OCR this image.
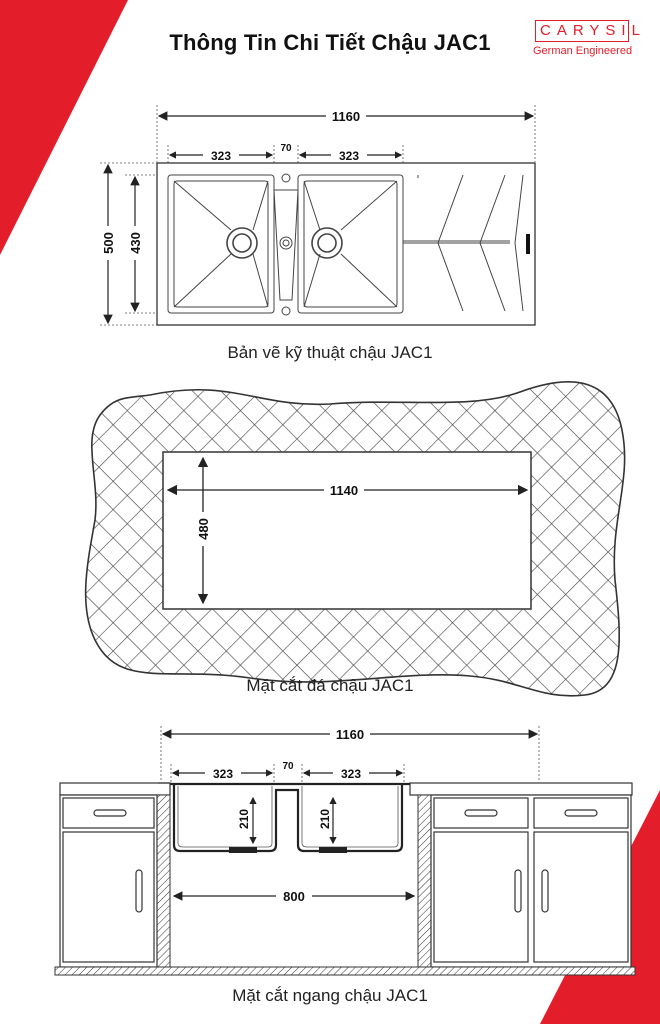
Thông Tin Chi Tiết Chậu JAC1	CARYSIL
German Engineered
1160
323
70
323
500 430
1140
480
1160
323
70
323
210	210
800
Bản vẽ kỹ thuật chậu JAC1
Mặt cắt đá chậu JAC1
Mặt cắt ngang chậu JAC1
